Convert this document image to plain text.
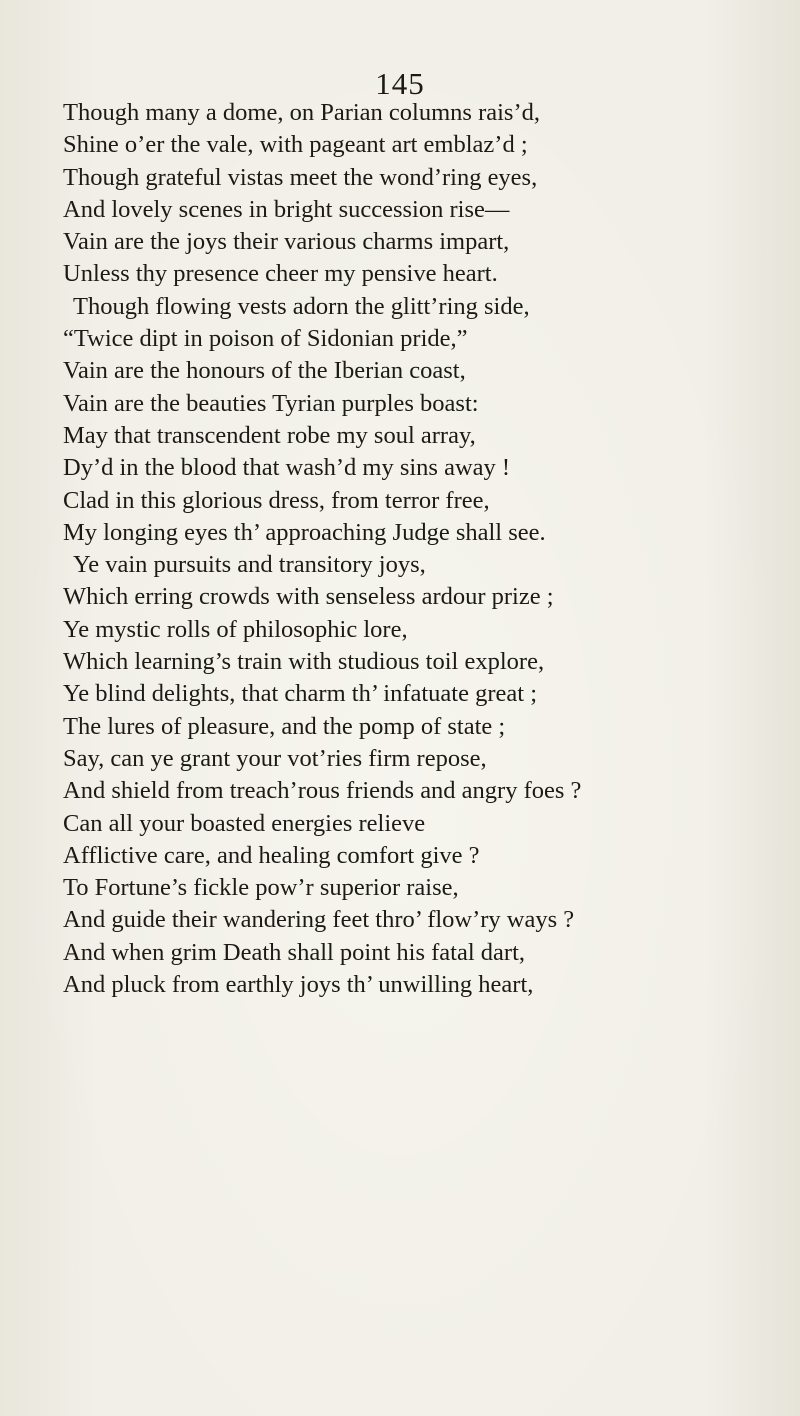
145
Though many a dome, on Parian columns rais’d,
Shine o’er the vale, with pageant art emblaz’d ;
Though grateful vistas meet the wond’ring eyes,
And lovely scenes in bright succession rise—
Vain are the joys their various charms impart,
Unless thy presence cheer my pensive heart.
Though flowing vests adorn the glitt’ring side,
“Twice dipt in poison of Sidonian pride,”
Vain are the honours of the Iberian coast,
Vain are the beauties Tyrian purples boast:
May that transcendent robe my soul array,
Dy’d in the blood that wash’d my sins away !
Clad in this glorious dress, from terror free,
My longing eyes th’ approaching Judge shall see.
Ye vain pursuits and transitory joys,
Which erring crowds with senseless ardour prize ;
Ye mystic rolls of philosophic lore,
Which learning’s train with studious toil explore,
Ye blind delights, that charm th’ infatuate great ;
The lures of pleasure, and the pomp of state ;
Say, can ye grant your vot’ries firm repose,
And shield from treach’rous friends and angry foes ?
Can all your boasted energies relieve
Afflictive care, and healing comfort give ?
To Fortune’s fickle pow’r superior raise,
And guide their wandering feet thro’ flow’ry ways ?
And when grim Death shall point his fatal dart,
And pluck from earthly joys th’ unwilling heart,
